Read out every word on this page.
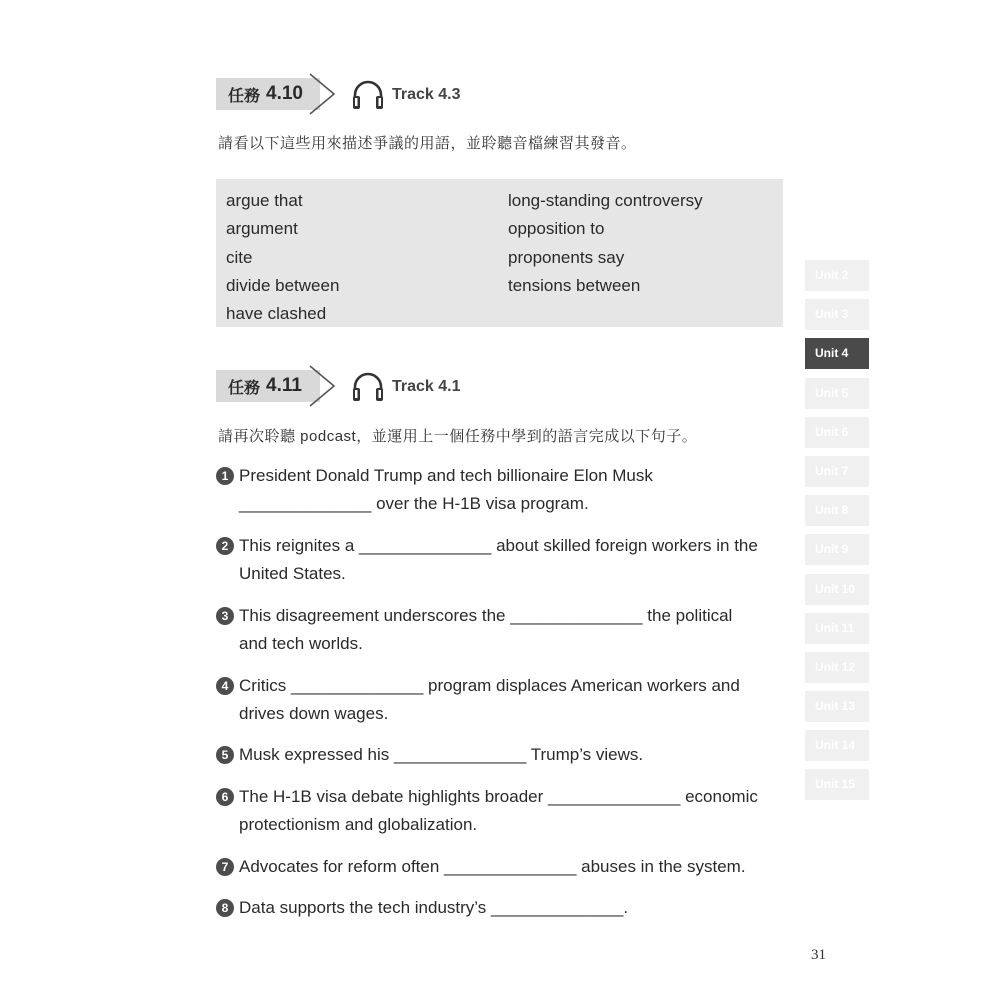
任務 4.10	Track 4.3
請看以下這些用來描述爭議的用語，並聆聽音檔練習其發音。
argue that
argument
cite
divide between
have clashed
long-standing controversy
opposition to
proponents say
tensions between
任務 4.11	Track 4.1
請再次聆聽 podcast，並運用上一個任務中學到的語言完成以下句子。
1 President Donald Trump and tech billionaire Elon Musk
______________ over the H-1B visa program.
2 This reignites a ______________ about skilled foreign workers in the
United States.
3 This disagreement underscores the ______________ the political
and tech worlds.
4 Critics ______________ program displaces American workers and
drives down wages.
5 Musk expressed his ______________ Trump’s views.
6 The H-1B visa debate highlights broader ______________ economic
protectionism and globalization.
7 Advocates for reform often ______________ abuses in the system.
8 Data supports the tech industry’s ______________.
Unit 2
Unit 3
Unit 4
Unit 5
Unit 6
Unit 7
Unit 8
Unit 9
Unit 10
Unit 11
Unit 12
Unit 13
Unit 14
Unit 15
31
